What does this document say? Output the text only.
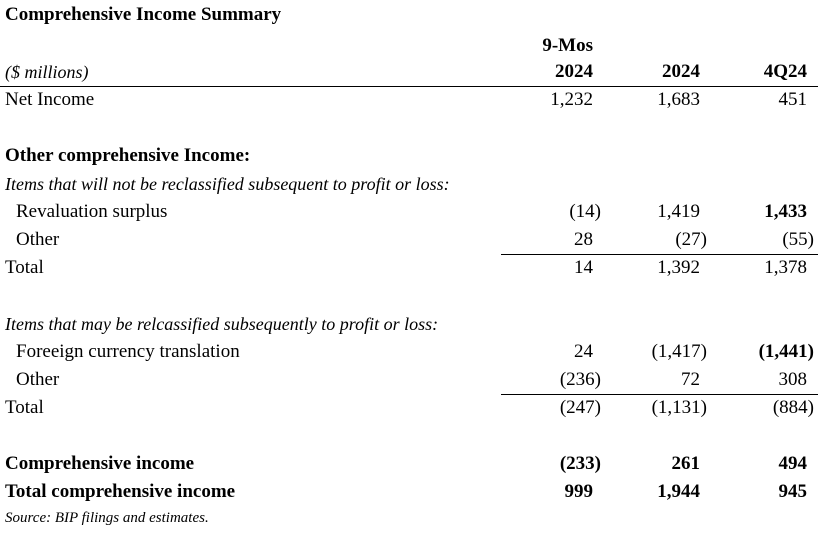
Comprehensive Income Summary
9-Mos
($ millions)	2024	2024	4Q24
Net Income	1,232	1,683	451
Other comprehensive Income:
Items that will not be reclassified subsequent to profit or loss:
Revaluation surplus	(14)	1,419	1,433
Other	28	(27)	(55)
Total	14	1,392	1,378
Items that may be relcassified subsequently to profit or loss:
Foreeign currency translation	24	(1,417)	(1,441)
Other	(236)	72	308
Total	(247)	(1,131)	(884)
Comprehensive income	(233)	261	494
Total comprehensive income	999	1,944	945
Source: BIP filings and estimates.
